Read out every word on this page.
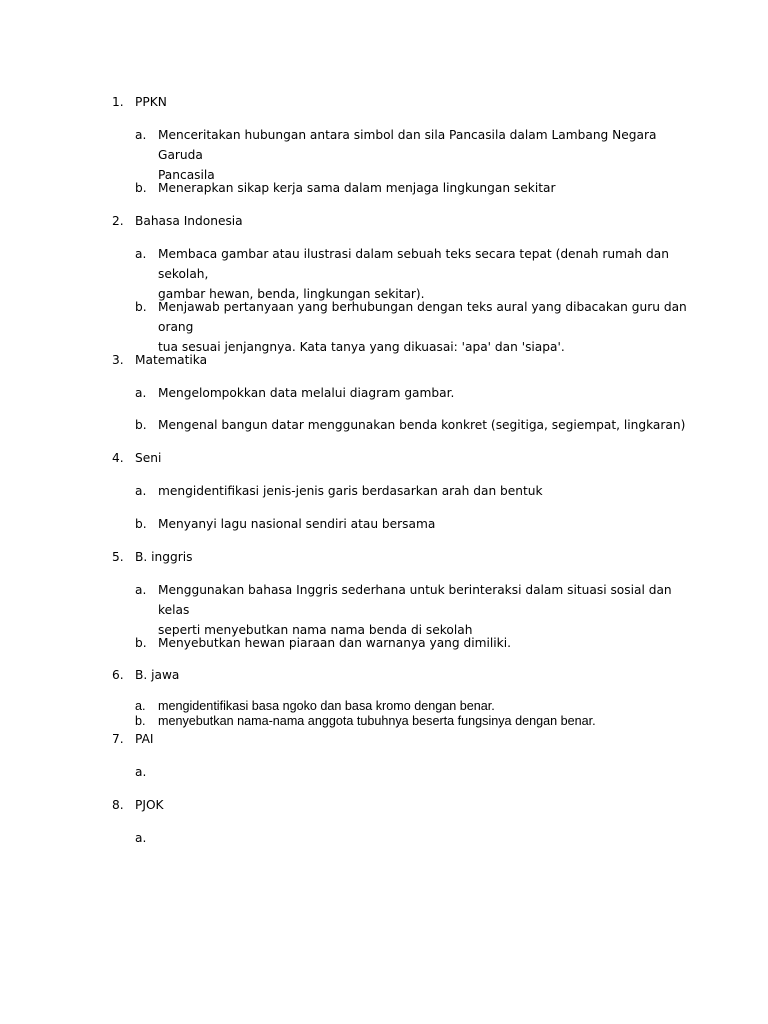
1. PPKN
a. Menceritakan hubungan antara simbol dan sila Pancasila dalam Lambang Negara Garuda
Pancasila
b. Menerapkan sikap kerja sama dalam menjaga lingkungan sekitar
2. Bahasa Indonesia
a. Membaca gambar atau ilustrasi dalam sebuah teks secara tepat (denah rumah dan sekolah,
gambar hewan, benda, lingkungan sekitar).
b. Menjawab pertanyaan yang berhubungan dengan teks aural yang dibacakan guru dan orang
tua sesuai jenjangnya. Kata tanya yang dikuasai: 'apa' dan 'siapa'.
3. Matematika
a. Mengelompokkan data melalui diagram gambar.
b. Mengenal bangun datar menggunakan benda konkret (segitiga, segiempat, lingkaran)
4. Seni
a. mengidentifikasi jenis-jenis garis berdasarkan arah dan bentuk
b. Menyanyi lagu nasional sendiri atau bersama
5. B. inggris
a. Menggunakan bahasa Inggris sederhana untuk berinteraksi dalam situasi sosial dan kelas
seperti menyebutkan nama nama benda di sekolah
b. Menyebutkan hewan piaraan dan warnanya yang dimiliki.
6. B. jawa
a. mengidentifikasi basa ngoko dan basa kromo dengan benar.
b. menyebutkan nama-nama anggota tubuhnya beserta fungsinya dengan benar.
7. PAI
a.
8. PJOK
a.
